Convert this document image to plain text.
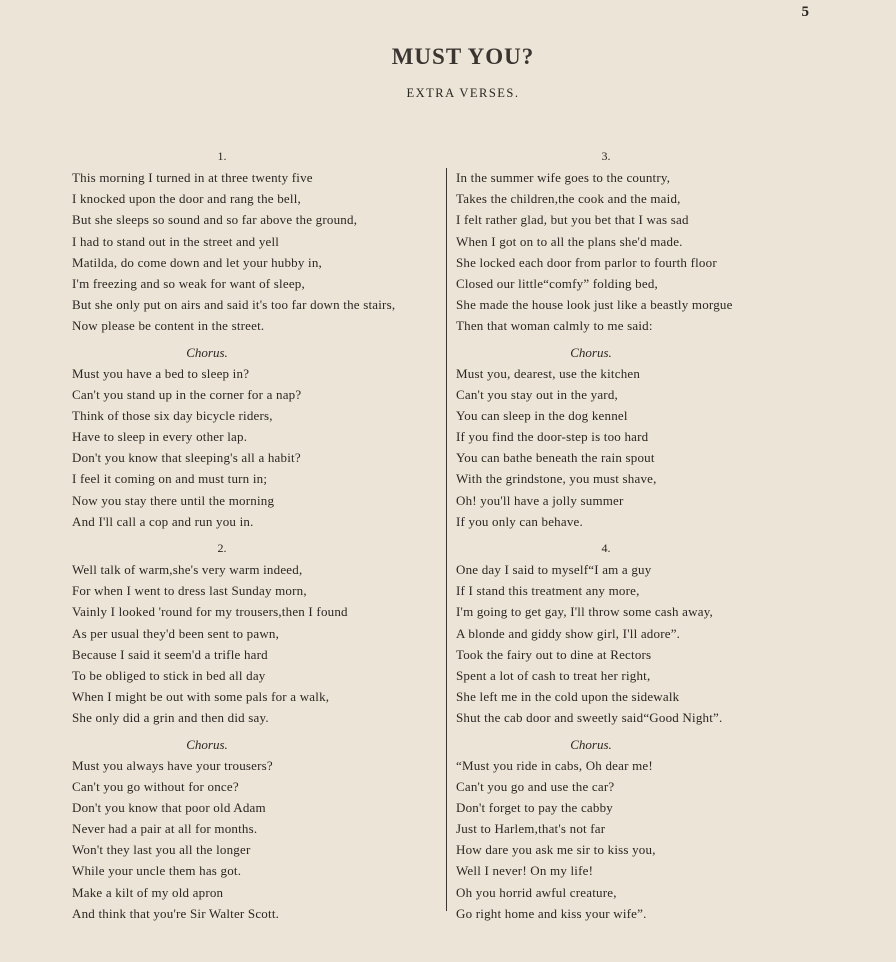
5
MUST YOU?
EXTRA VERSES.
1.
This morning I turned in at three twenty five
I knocked upon the door and rang the bell,
But she sleeps so sound and so far above the ground,
I had to stand out in the street and yell
Matilda, do come down and let your hubby in,
I'm freezing and so weak for want of sleep,
But she only put on airs and said it's too far down the stairs,
Now please be content in the street.
Chorus.
Must you have a bed to sleep in?
Can't you stand up in the corner for a nap?
Think of those six day bicycle riders,
Have to sleep in every other lap.
Don't you know that sleeping's all a habit?
I feel it coming on and must turn in;
Now you stay there until the morning
And I'll call a cop and run you in.
2.
Well talk of warm,she's very warm indeed,
For when I went to dress last Sunday morn,
Vainly I looked 'round for my trousers,then I found
As per usual they'd been sent to pawn,
Because I said it seem'd a trifle hard
To be obliged to stick in bed all day
When I might be out with some pals for a walk,
She only did a grin and then did say.
Chorus.
Must you always have your trousers?
Can't you go without for once?
Don't you know that poor old Adam
Never had a pair at all for months.
Won't they last you all the longer
While your uncle them has got.
Make a kilt of my old apron
And think that you're Sir Walter Scott.
3.
In the summer wife goes to the country,
Takes the children,the cook and the maid,
I felt rather glad, but you bet that I was sad
When I got on to all the plans she'd made.
She locked each door from parlor to fourth floor
Closed our little“comfy” folding bed,
She made the house look just like a beastly morgue
Then that woman calmly to me said:
Chorus.
Must you, dearest, use the kitchen
Can't you stay out in the yard,
You can sleep in the dog kennel
If you find the door-step is too hard
You can bathe beneath the rain spout
With the grindstone, you must shave,
Oh! you'll have a jolly summer
If you only can behave.
4.
One day I said to myself“I am a guy
If I stand this treatment any more,
I'm going to get gay, I'll throw some cash away,
A blonde and giddy show girl, I'll adore”.
Took the fairy out to dine at Rectors
Spent a lot of cash to treat her right,
She left me in the cold upon the sidewalk
Shut the cab door and sweetly said“Good Night”.
Chorus.
“Must you ride in cabs, Oh dear me!
Can't you go and use the car?
Don't forget to pay the cabby
Just to Harlem,that's not far
How dare you ask me sir to kiss you,
Well I never! On my life!
Oh you horrid awful creature,
Go right home and kiss your wife”.
